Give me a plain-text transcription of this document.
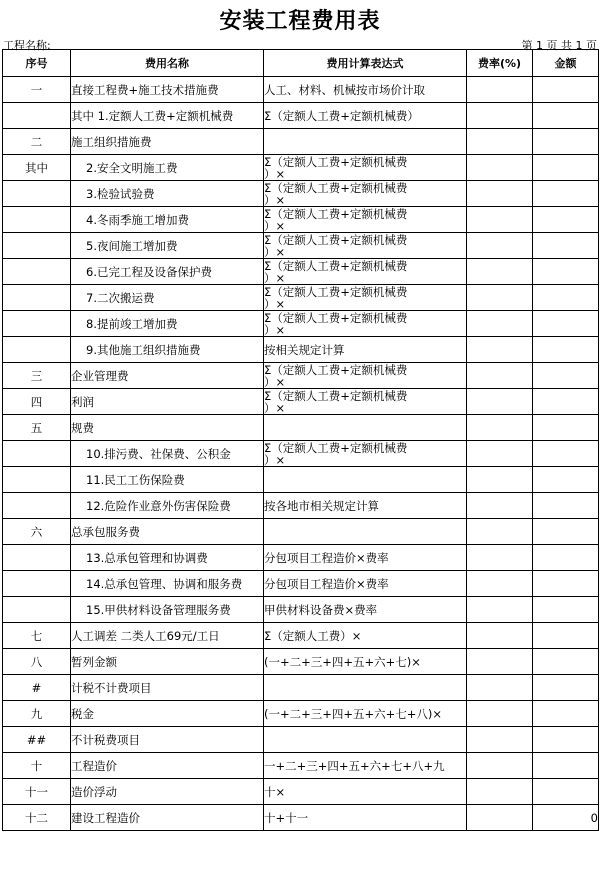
安装工程费用表
工程名称:	第 1 页 共 1 页
序号	费用名称	费用计算表达式	费率(%)	金额
一	直接工程费+施工技术措施费	人工、材料、机械按市场价计取		
	其中 1.定额人工费+定额机械费	Σ（定额人工费+定额机械费）		
二	施工组织措施费			
其中	2.安全文明施工费	Σ（定额人工费+定额机械费
）×		
	3.检验试验费	Σ（定额人工费+定额机械费
）×		
	4.冬雨季施工增加费	Σ（定额人工费+定额机械费
）×		
	5.夜间施工增加费	Σ（定额人工费+定额机械费
）×		
	6.已完工程及设备保护费	Σ（定额人工费+定额机械费
）×		
	7.二次搬运费	Σ（定额人工费+定额机械费
）×		
	8.提前竣工增加费	Σ（定额人工费+定额机械费
）×		
	9.其他施工组织措施费	按相关规定计算		
三	企业管理费	Σ（定额人工费+定额机械费
）×		
四	利润	Σ（定额人工费+定额机械费
）×		
五	规费			
	10.排污费、社保费、公积金	Σ（定额人工费+定额机械费
）×		
	11.民工工伤保险费			
	12.危险作业意外伤害保险费	按各地市相关规定计算		
六	总承包服务费			
	13.总承包管理和协调费	分包项目工程造价×费率		
	14.总承包管理、协调和服务费	分包项目工程造价×费率		
	15.甲供材料设备管理服务费	甲供材料设备费×费率		
七	人工调差 二类人工69元/工日	Σ（定额人工费）×		
八	暂列金额	(一+二+三+四+五+六+七)×		
#	计税不计费项目			
九	税金	(一+二+三+四+五+六+七+八)×		
##	不计税费项目			
十	工程造价	一+二+三+四+五+六+七+八+九		
十一	造价浮动	十×		
十二	建设工程造价	十+十一		0
